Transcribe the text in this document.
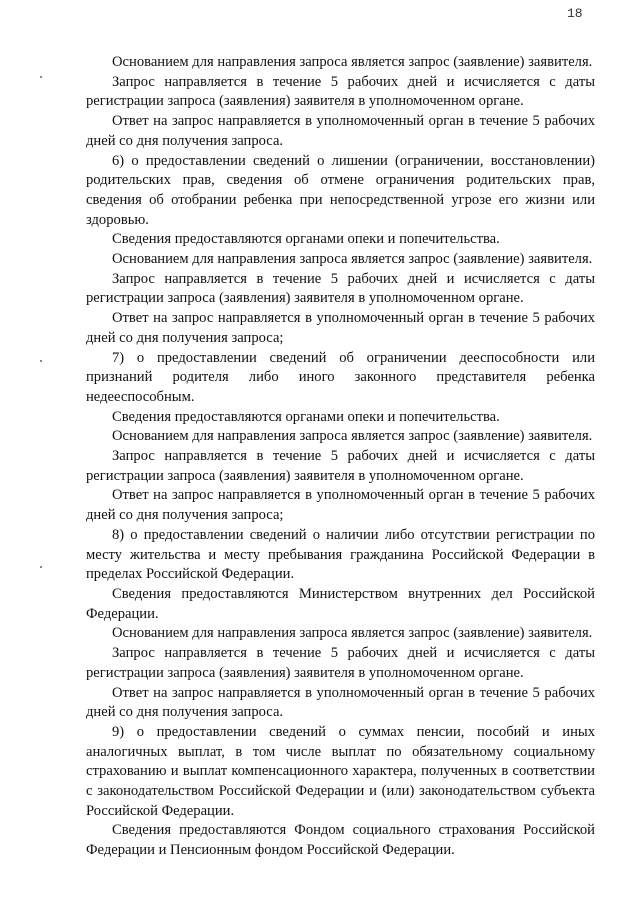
18

Основанием для направления запроса является запрос (заявление) заявителя.

Запрос направляется в течение 5 рабочих дней и исчисляется с даты регистрации запроса (заявления) заявителя в уполномоченном органе.

Ответ на запрос направляется в уполномоченный орган в течение 5 рабочих дней со дня получения запроса.

6) о предоставлении сведений о лишении (ограничении, восстановлении) родительских прав, сведения об отмене ограничения родительских прав, сведения об отобрании ребенка при непосредственной угрозе его жизни или здоровью.

Сведения предоставляются органами опеки и попечительства.

Основанием для направления запроса является запрос (заявление) заявителя.

Запрос направляется в течение 5 рабочих дней и исчисляется с даты регистрации запроса (заявления) заявителя в уполномоченном органе.

Ответ на запрос направляется в уполномоченный орган в течение 5 рабочих дней со дня получения запроса;

7) о предоставлении сведений об ограничении дееспособности или признаний родителя либо иного законного представителя ребенка недееспособным.

Сведения предоставляются органами опеки и попечительства.

Основанием для направления запроса является запрос (заявление) заявителя.

Запрос направляется в течение 5 рабочих дней и исчисляется с даты регистрации запроса (заявления) заявителя в уполномоченном органе.

Ответ на запрос направляется в уполномоченный орган в течение 5 рабочих дней со дня получения запроса;

8) о предоставлении сведений о наличии либо отсутствии регистрации по месту жительства и месту пребывания гражданина Российской Федерации в пределах Российской Федерации.

Сведения предоставляются Министерством внутренних дел Российской Федерации.

Основанием для направления запроса является запрос (заявление) заявителя.

Запрос направляется в течение 5 рабочих дней и исчисляется с даты регистрации запроса (заявления) заявителя в уполномоченном органе.

Ответ на запрос направляется в уполномоченный орган в течение 5 рабочих дней со дня получения запроса.

9) о предоставлении сведений о суммах пенсии, пособий и иных аналогичных выплат, в том числе выплат по обязательному социальному страхованию и выплат компенсационного характера, полученных в соответствии с законодательством Российской Федерации и (или) законодательством субъекта Российской Федерации.

Сведения предоставляются Фондом социального страхования Российской Федерации и Пенсионным фондом Российской Федерации.
